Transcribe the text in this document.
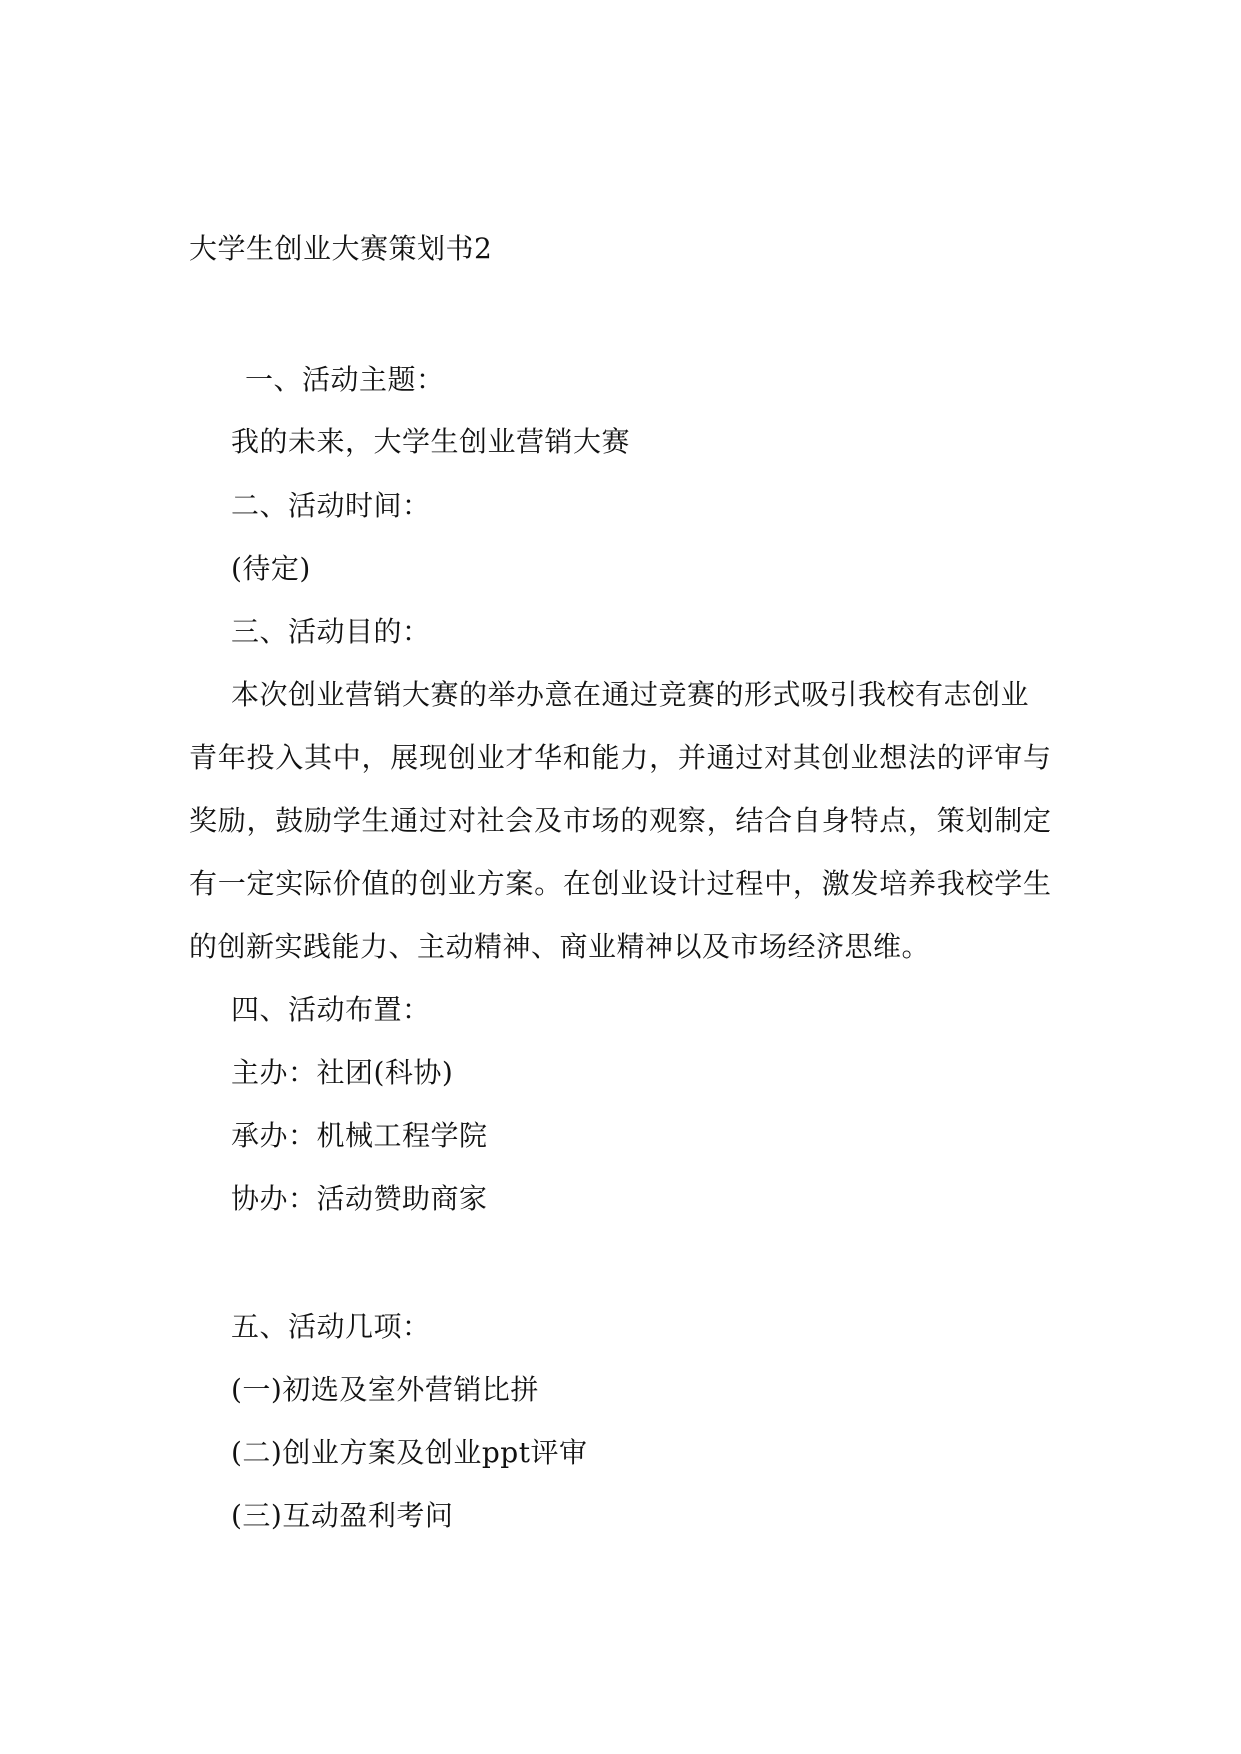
大学生创业大赛策划书2
一、活动主题：
我的未来，大学生创业营销大赛
二、活动时间：
(待定)
三、活动目的：
本次创业营销大赛的举办意在通过竞赛的形式吸引我校有志创业
青年投入其中，展现创业才华和能力，并通过对其创业想法的评审与
奖励，鼓励学生通过对社会及市场的观察，结合自身特点，策划制定
有一定实际价值的创业方案。在创业设计过程中，激发培养我校学生
的创新实践能力、主动精神、商业精神以及市场经济思维。
四、活动布置：
主办：社团(科协)
承办：机械工程学院
协办：活动赞助商家
五、活动几项：
(一)初选及室外营销比拼
(二)创业方案及创业ppt评审
(三)互动盈利考问
